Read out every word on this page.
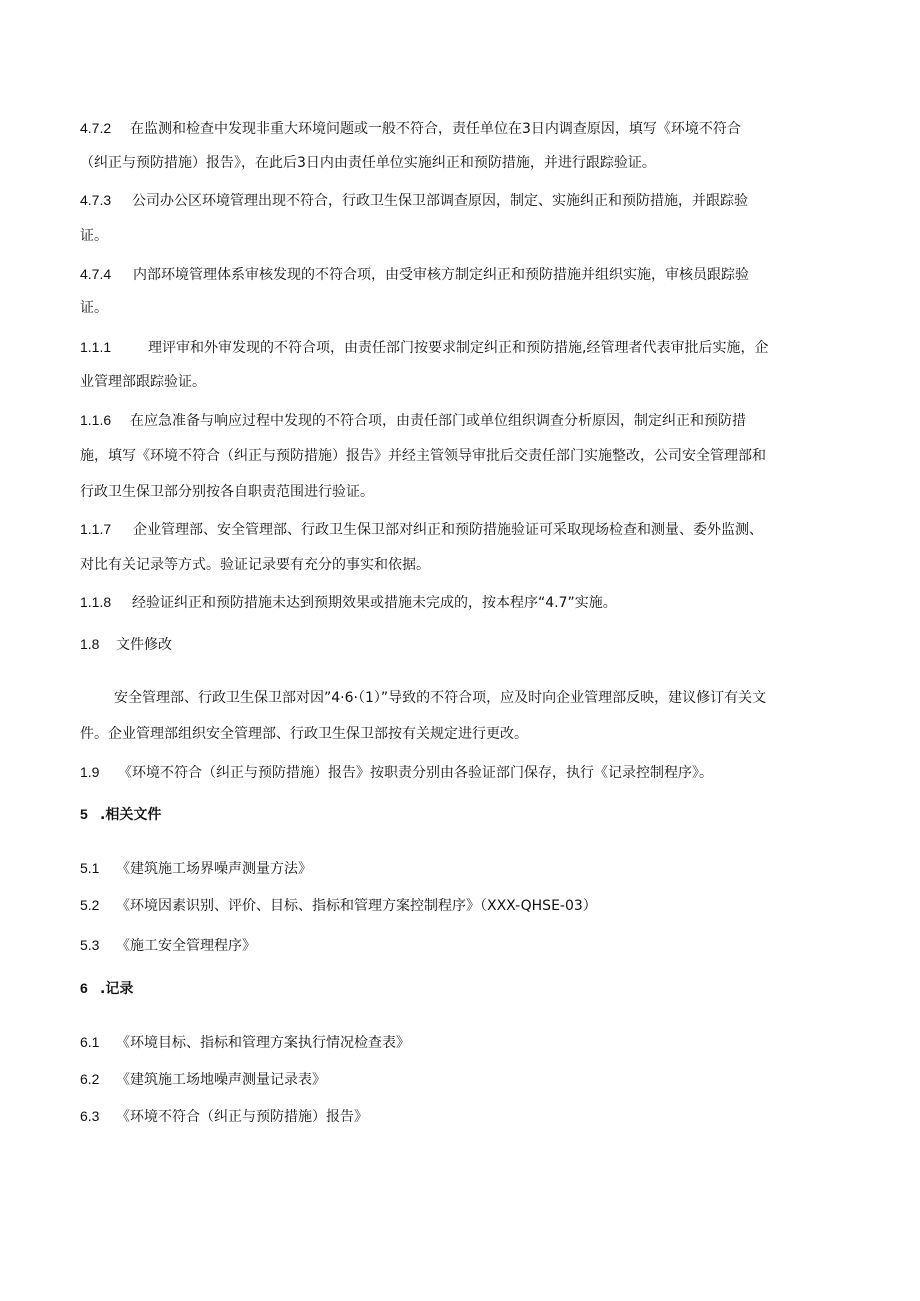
4.7.2 在监测和检查中发现非重大环境问题或一般不符合，责任单位在3日内调查原因，填写《环境不符合
（纠正与预防措施）报告》，在此后3日内由责任单位实施纠正和预防措施，并进行跟踪验证。
4.7.3 公司办公区环境管理出现不符合，行政卫生保卫部调查原因，制定、实施纠正和预防措施，并跟踪验
证。
4.7.4 内部环境管理体系审核发现的不符合项，由受审核方制定纠正和预防措施并组织实施，审核员跟踪验
证。
1.1.1	理评审和外审发现的不符合项，由责任部门按要求制定纠正和预防措施,经管理者代表审批后实施，企
业管理部跟踪验证。
1.1.6 在应急准备与响应过程中发现的不符合项，由责任部门或单位组织调查分析原因，制定纠正和预防措
施，填写《环境不符合（纠正与预防措施）报告》并经主管领导审批后交责任部门实施整改，公司安全管理部和
行政卫生保卫部分别按各自职责范围进行验证。
1.1.7 企业管理部、安全管理部、行政卫生保卫部对纠正和预防措施验证可采取现场检查和测量、委外监测、
对比有关记录等方式。验证记录要有充分的事实和依据。
1.1.8 经验证纠正和预防措施未达到预期效果或措施未完成的，按本程序“4.7”实施。
1.8 文件修改
安全管理部、行政卫生保卫部对因”4·6·（1）”导致的不符合项，应及时向企业管理部反映，建议修订有关文
件。企业管理部组织安全管理部、行政卫生保卫部按有关规定进行更改。
1.9 《环境不符合（纠正与预防措施）报告》按职责分别由各验证部门保存，执行《记录控制程序》。
5 .相关文件
5.1 《建筑施工场界噪声测量方法》
5.2 《环境因素识别、评价、目标、指标和管理方案控制程序》（XXX-QHSE-03）
5.3 《施工安全管理程序》
6 .记录
6.1 《环境目标、指标和管理方案执行情况检查表》
6.2 《建筑施工场地噪声测量记录表》
6.3 《环境不符合（纠正与预防措施）报告》
